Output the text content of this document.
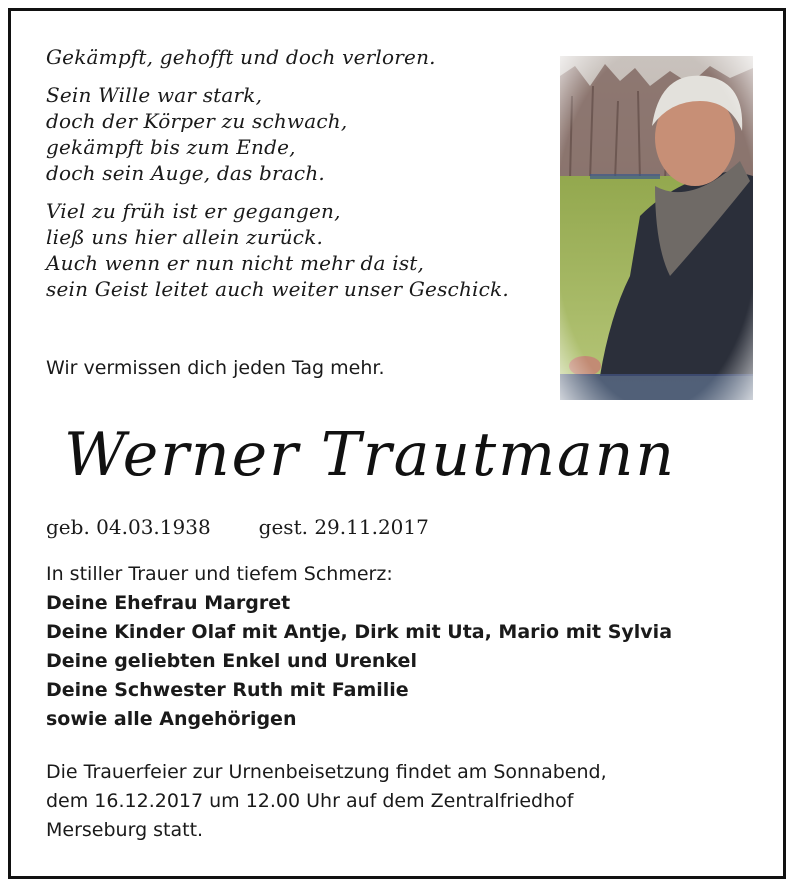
Gekämpft, gehofft und doch verloren.
Sein Wille war stark,
doch der Körper zu schwach,
gekämpft bis zum Ende,
doch sein Auge, das brach.
Viel zu früh ist er gegangen,
ließ uns hier allein zurück.
Auch wenn er nun nicht mehr da ist,
sein Geist leitet auch weiter unser Geschick.
Wir vermissen dich jeden Tag mehr.
Werner Trautmann
geb. 04.03.1938 gest. 29.11.2017
In stiller Trauer und tiefem Schmerz:
Deine Ehefrau Margret
Deine Kinder Olaf mit Antje, Dirk mit Uta, Mario mit Sylvia
Deine geliebten Enkel und Urenkel
Deine Schwester Ruth mit Familie
sowie alle Angehörigen
Die Trauerfeier zur Urnenbeisetzung findet am Sonnabend,
dem 16.12.2017 um 12.00 Uhr auf dem Zentralfriedhof
Merseburg statt.
